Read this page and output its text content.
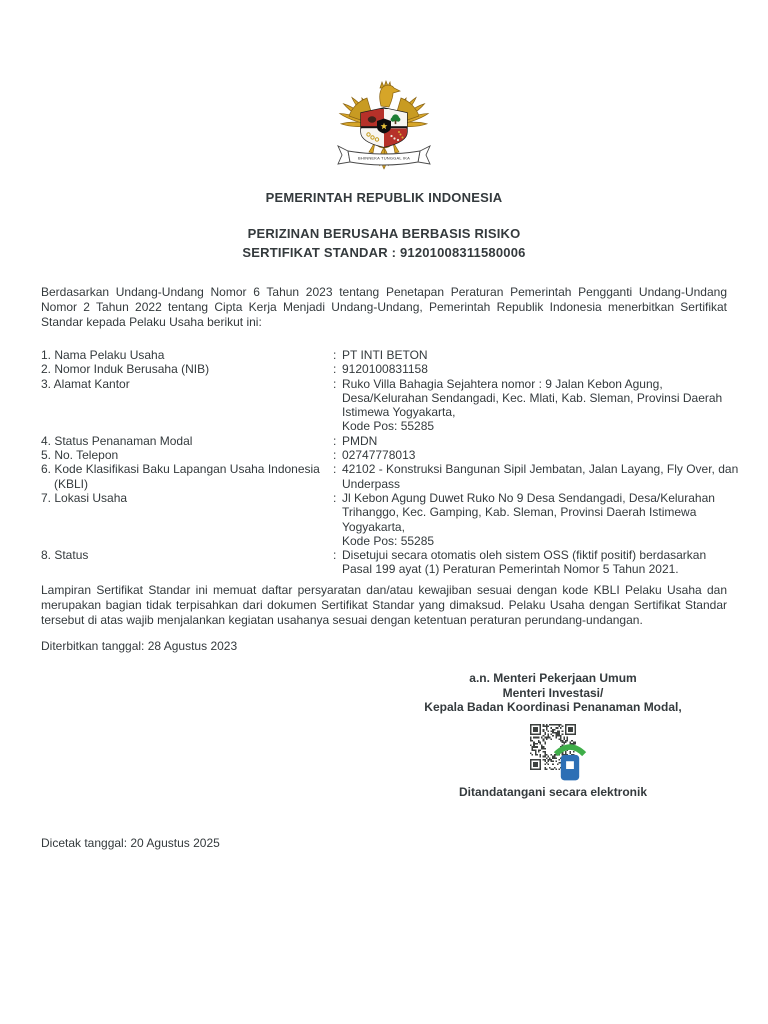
BHINNEKA TUNGGAL IKA
PEMERINTAH REPUBLIK INDONESIA
PERIZINAN BERUSAHA BERBASIS RISIKO
SERTIFIKAT STANDAR : 91201008311580006
Berdasarkan Undang-Undang Nomor 6 Tahun 2023 tentang Penetapan Peraturan Pemerintah Pengganti Undang-Undang Nomor 2 Tahun 2022 tentang Cipta Kerja Menjadi Undang-Undang, Pemerintah Republik Indonesia menerbitkan Sertifikat Standar kepada Pelaku Usaha berikut ini:
1. Nama Pelaku Usaha	: PT INTI BETON
2. Nomor Induk Berusaha (NIB)	: 9120100831158
3. Alamat Kantor	: Ruko Villa Bahagia Sejahtera nomor : 9 Jalan Kebon Agung,
Desa/Kelurahan Sendangadi, Kec. Mlati, Kab. Sleman, Provinsi Daerah
Istimewa Yogyakarta,
Kode Pos: 55285
4. Status Penanaman Modal	: PMDN
5. No. Telepon	: 02747778013
6. Kode Klasifikasi Baku Lapangan Usaha Indonesia
(KBLI)
: 42102 - Konstruksi Bangunan Sipil Jembatan, Jalan Layang, Fly Over, dan
Underpass
7. Lokasi Usaha	: Jl Kebon Agung Duwet Ruko No 9 Desa Sendangadi, Desa/Kelurahan
Trihanggo, Kec. Gamping, Kab. Sleman, Provinsi Daerah Istimewa
Yogyakarta,
Kode Pos: 55285
8. Status	: Disetujui secara otomatis oleh sistem OSS (fiktif positif) berdasarkan
Pasal 199 ayat (1) Peraturan Pemerintah Nomor 5 Tahun 2021.
Lampiran Sertifikat Standar ini memuat daftar persyaratan dan/atau kewajiban sesuai dengan kode KBLI Pelaku Usaha dan merupakan bagian tidak terpisahkan dari dokumen Sertifikat Standar yang dimaksud. Pelaku Usaha dengan Sertifikat Standar tersebut di atas wajib menjalankan kegiatan usahanya sesuai dengan ketentuan peraturan perundang-undangan.
Diterbitkan tanggal: 28 Agustus 2023
a.n. Menteri Pekerjaan Umum
Menteri Investasi/
Kepala Badan Koordinasi Penanaman Modal,
Ditandatangani secara elektronik
Dicetak tanggal: 20 Agustus 2025
